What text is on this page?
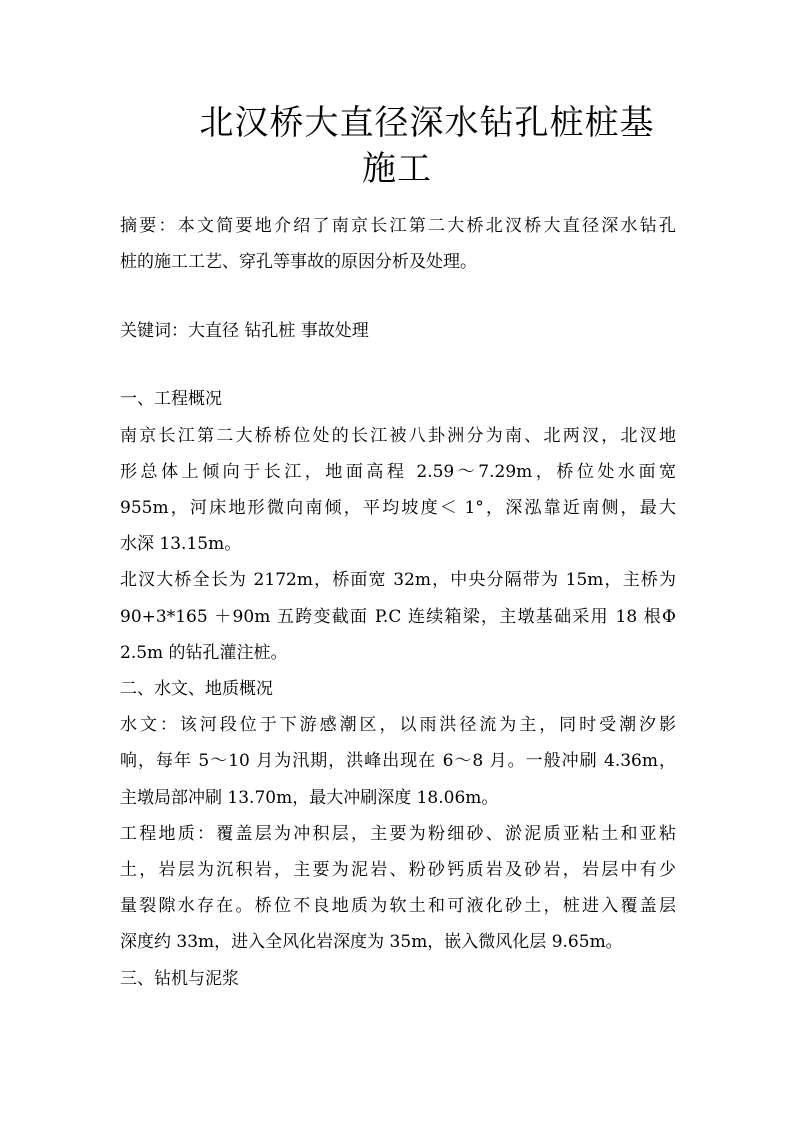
北汉桥大直径深水钻孔桩桩基
施工
摘要：本文简要地介绍了南京长江第二大桥北汊桥大直径深水钻孔
桩的施工工艺、穿孔等事故的原因分析及处理。
关键词：大直径 钻孔桩 事故处理
一、工程概况
南京长江第二大桥桥位处的长江被八卦洲分为南、北两汊，北汊地
形总体上倾向于长江，地面高程 2.59～7.29m，桥位处水面宽
955m，河床地形微向南倾，平均坡度＜ 1°，深泓靠近南侧，最大
水深 13.15m。
北汊大桥全长为 2172m，桥面宽 32m，中央分隔带为 15m，主桥为
90+3*165 ＋90m 五跨变截面 P.C 连续箱梁，主墩基础采用 18 根Φ
2.5m 的钻孔灌注桩。
二、水文、地质概况
水文：该河段位于下游感潮区，以雨洪径流为主，同时受潮汐影
响，每年 5～10 月为汛期，洪峰出现在 6～8 月。一般冲刷 4.36m，
主墩局部冲刷 13.70m，最大冲刷深度 18.06m。
工程地质：覆盖层为冲积层，主要为粉细砂、淤泥质亚粘土和亚粘
土，岩层为沉积岩，主要为泥岩、粉砂钙质岩及砂岩，岩层中有少
量裂隙水存在。桥位不良地质为软土和可液化砂土，桩进入覆盖层
深度约 33m，进入全风化岩深度为 35m，嵌入微风化层 9.65m。
三、钻机与泥浆
